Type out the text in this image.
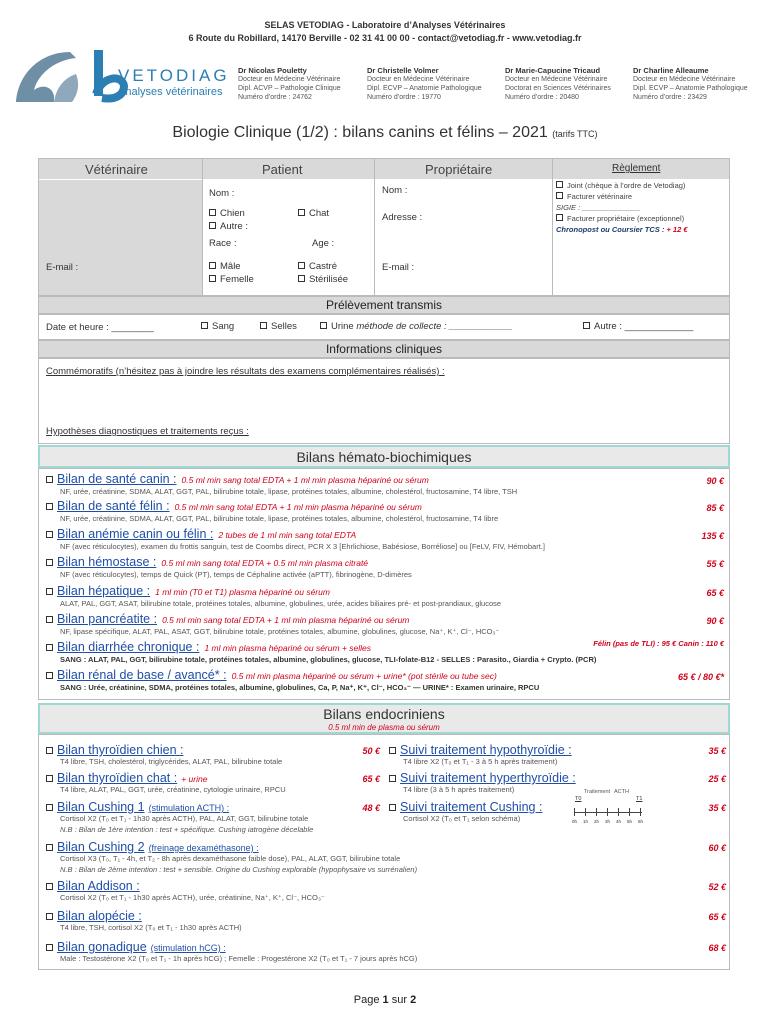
SELAS VETODIAG - Laboratoire d’Analyses Vétérinaires
6 Route du Robillard, 14170 Berville - 02 31 41 00 00 - contact@vetodiag.fr - www.vetodiag.fr
VETODIAG
Analyses vétérinaires
Dr Nicolas Pouletty
Docteur en Médecine Vétérinaire
Dipl. ACVP – Pathologie Clinique
Numéro d’ordre : 24762
Dr Christelle Volmer
Docteur en Médecine Vétérinaire
Dipl. ECVP – Anatomie Pathologique
Numéro d’ordre : 19770
Dr Marie-Capucine Tricaud
Docteur en Médecine Vétérinaire
Doctorat en Sciences Vétérinaires
Numéro d’ordre : 20480
Dr Charline Alleaume
Docteur en Médecine Vétérinaire
Dipl. ECVP – Anatomie Pathologique
Numéro d’ordre : 23429
Biologie Clinique (1/2) : bilans canins et félins – 2021 (tarifs TTC)
Vétérinaire	Patient	Propriétaire	Règlement
Nom :
Chien	Chat
Autre :
Race :	Age :
Mâle	Castré
Femelle	Stérilisée
E-mail :
Nom :
Adresse :
E-mail :
Joint (chèque à l’ordre de Vetodiag)
Facturer vétérinaire
SIGIE : ______________
Facturer propriétaire (exceptionnel)
Chronopost ou Coursier TCS : + 12 €
Prélèvement transmis
Date et heure : ________	Sang	Selles	Urine méthode de collecte : ____________	Autre : _____________
Informations cliniques
Commémoratifs (n’hésitez pas à joindre les résultats des examens complémentaires réalisés) :
Hypothèses diagnostiques et traitements reçus :
Bilans hémato-biochimiques
Bilan de santé canin : 0.5 ml min sang total EDTA + 1 ml min plasma hépariné ou sérum
NF, urée, créatinine, SDMA, ALAT, GGT, PAL, bilirubine totale, lipase, protéines totales, albumine, cholestérol, fructosamine, T4 libre, TSH
90 €
Bilan de santé félin : 0.5 ml min sang total EDTA + 1 ml min plasma hépariné ou sérum
NF, urée, créatinine, SDMA, ALAT, GGT, PAL, bilirubine totale, lipase, protéines totales, albumine, cholestérol, fructosamine, T4 libre
85 €
Bilan anémie canin ou félin : 2 tubes de 1 ml min sang total EDTA
NF (avec réticulocytes), examen du frottis sanguin, test de Coombs direct, PCR X 3 [Ehrlichiose, Babésiose, Borréliose] ou [FeLV, FIV, Hémobart.]
135 €
Bilan hémostase : 0.5 ml min sang total EDTA + 0.5 ml min plasma citraté
NF (avec réticulocytes), temps de Quick (PT), temps de Céphaline activée (aPTT), fibrinogène, D-dimères
55 €
Bilan hépatique : 1 ml min (T0 et T1) plasma hépariné ou sérum
ALAT, PAL, GGT, ASAT, bilirubine totale, protéines totales, albumine, globulines, urée, acides biliaires pré- et post-prandiaux, glucose
65 €
Bilan pancréatite : 0.5 ml min sang total EDTA + 1 ml min plasma hépariné ou sérum
NF, lipase spécifique, ALAT, PAL, ASAT, GGT, bilirubine totale, protéines totales, albumine, globulines, glucose, Na⁺, K⁺, Cl⁻, HCO₃⁻
90 €
Bilan diarrhée chronique : 1 ml min plasma hépariné ou sérum + selles
SANG : ALAT, PAL, GGT, bilirubine totale, protéines totales, albumine, globulines, glucose, TLI-folate-B12 - SELLES : Parasito., Giardia + Crypto. (PCR)
Félin (pas de TLI) : 95 € Canin : 110 €
Bilan rénal de base / avancé* : 0.5 ml min plasma hépariné ou sérum + urine* (pot stérile ou tube sec)
SANG : Urée, créatinine, SDMA, protéines totales, albumine, globulines, Ca, P, Na⁺, K⁺, Cl⁻, HCO₃⁻ — URINE* : Examen urinaire, RPCU
65 € / 80 €*
Bilans endocriniens
0.5 ml min de plasma ou sérum
Bilan thyroïdien chien :
T4 libre, TSH, cholestérol, triglycérides, ALAT, PAL, bilirubine totale
50 €
Bilan thyroïdien chat : + urine
T4 libre, ALAT, PAL, GGT, urée, créatinine, cytologie urinaire, RPCU
65 €
Bilan Cushing 1 (stimulation ACTH) :
Cortisol X2 (T₀ et T₁ - 1h30 après ACTH), PAL, ALAT, GGT, bilirubine totale
N.B : Bilan de 1ère intention : test + spécifique. Cushing iatrogène décelable
48 €
Suivi traitement hypothyroïdie :
T4 libre X2 (T₀ et T₁ - 3 à 5 h après traitement)
35 €
Suivi traitement hyperthyroïdie :
T4 libre (3 à 5 h après traitement)
25 €
Suivi traitement Cushing :
Cortisol X2 (T₀ et T₁ selon schéma)
35 €
Bilan Cushing 2 (freinage dexaméthasone) :
Cortisol X3 (T₀, T₁ - 4h, et T₂ - 8h après dexaméthasone faible dose), PAL, ALAT, GGT, bilirubine totale
N.B : Bilan de 2ème intention : test + sensible. Origine du Cushing explorable (hypophysaire vs surrénalien)
60 €
Bilan Addison :
Cortisol X2 (T₀ et T₁ - 1h30 après ACTH), urée, créatinine, Na⁺, K⁺, Cl⁻, HCO₃⁻
52 €
Bilan alopécie :
T4 libre, TSH, cortisol X2 (T₀ et T₁ - 1h30 après ACTH)
65 €
Bilan gonadique (stimulation hCG) :
Male : Testostérone X2 (T₀ et T₁ - 1h après hCG) ; Femelle : Progestérone X2 (T₀ et T₁ - 7 jours après hCG)
68 €
Traitement ACTH
T0	T1
0h 1h 2h 3h 4h 5h 6h
Page 1 sur 2
